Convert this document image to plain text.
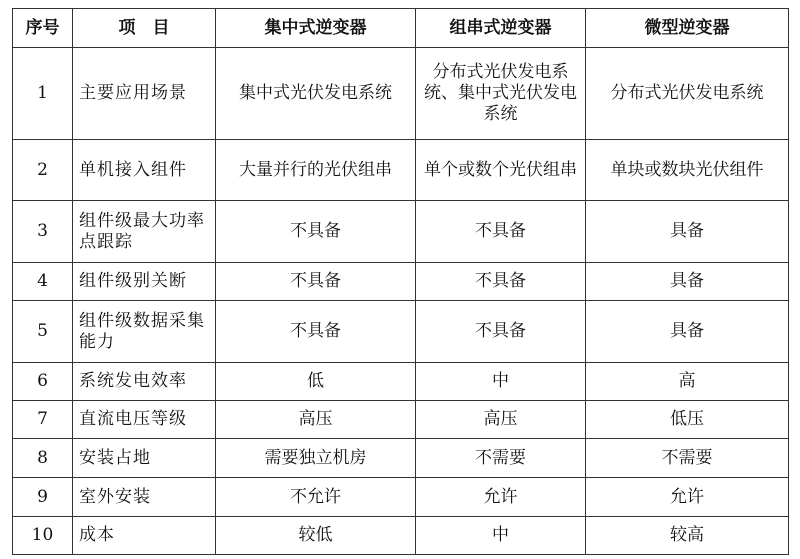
序号	项　目	集中式逆变器	组串式逆变器	微型逆变器
1	主要应用场景	集中式光伏发电系统	分布式光伏发电系统、集中式光伏发电系统	分布式光伏发电系统
2	单机接入组件	大量并行的光伏组串	单个或数个光伏组串	单块或数块光伏组件
3	组件级最大功率点跟踪	不具备	不具备	具备
4	组件级别关断	不具备	不具备	具备
5	组件级数据采集能力	不具备	不具备	具备
6	系统发电效率	低	中	高
7	直流电压等级	高压	高压	低压
8	安装占地	需要独立机房	不需要	不需要
9	室外安装	不允许	允许	允许
10	成本	较低	中	较高
